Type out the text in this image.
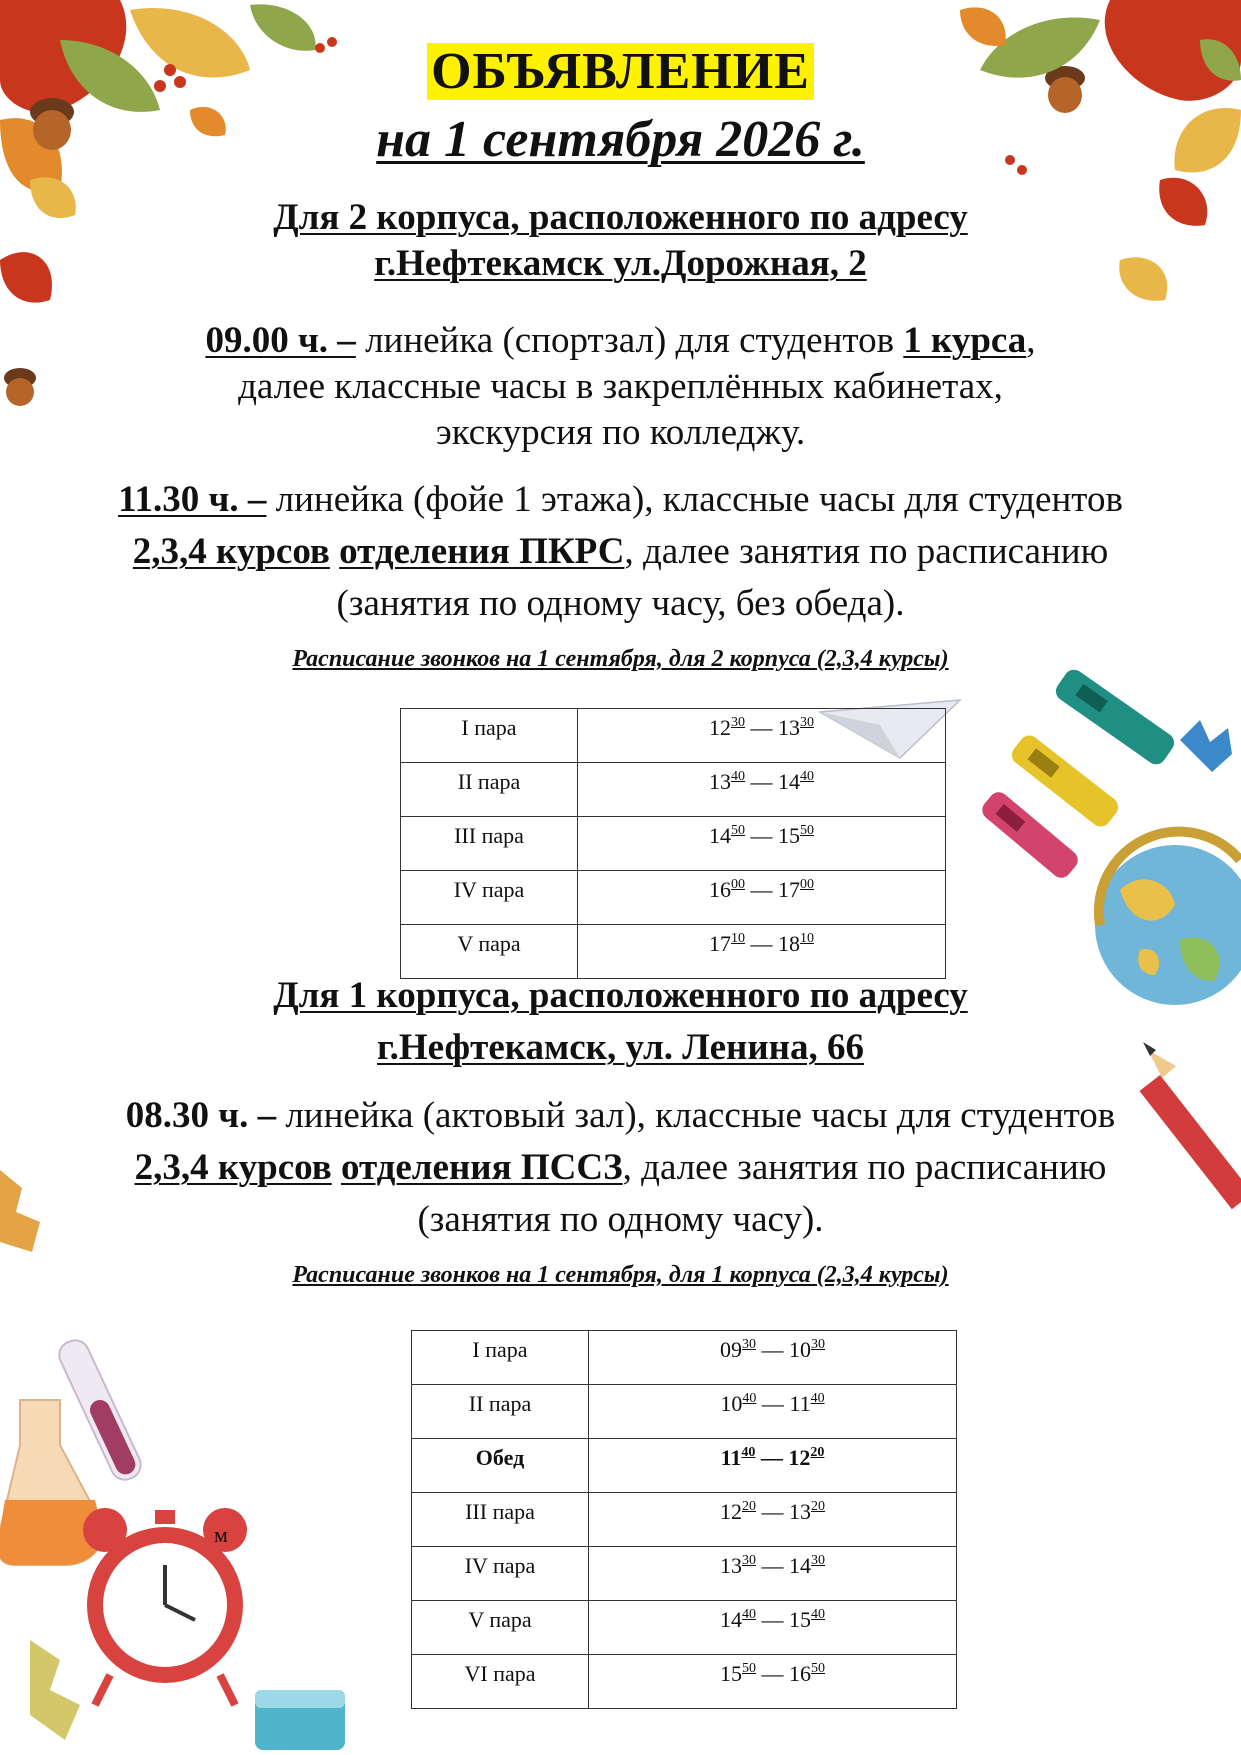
ОБЪЯВЛЕНИЕ
на 1 сентября 2026 г.
Для 2 корпуса, расположенного по адресу
г.Нефтекамск ул.Дорожная, 2
09.00 ч. – линейка (спортзал) для студентов 1 курса,
далее классные часы в закреплённых кабинетах,
экскурсия по колледжу.
11.30 ч. – линейка (фойе 1 этажа), классные часы для студентов
2,3,4 курсов отделения ПКРС, далее занятия по расписанию
(занятия по одному часу, без обеда).
Расписание звонков на 1 сентября, для 2 корпуса (2,3,4 курсы)
I пара	$12^{30}$ — $13^{30}$
II пара	$13^{40}$ — $14^{40}$
III пара	$14^{50}$ — $15^{50}$
IV пара	$16^{00}$ — $17^{00}$
V пара	$17^{10}$ — $18^{10}$
Для 1 корпуса, расположенного по адресу
г.Нефтекамск, ул. Ленина, 66
08.30 ч. – линейка (актовый зал), классные часы для студентов
2,3,4 курсов отделения ПССЗ, далее занятия по расписанию
(занятия по одному часу).
Расписание звонков на 1 сентября, для 1 корпуса (2,3,4 курсы)
I пара	$09^{30}$ — $10^{30}$
II пара	$10^{40}$ — $11^{40}$
Обед	$11^{40}$ — $12^{20}$
III пара	$12^{20}$ — $13^{20}$
IV пара	$13^{30}$ — $14^{30}$
V пара	$14^{40}$ — $15^{40}$
VI пара	$15^{50}$ — $16^{50}$
м
